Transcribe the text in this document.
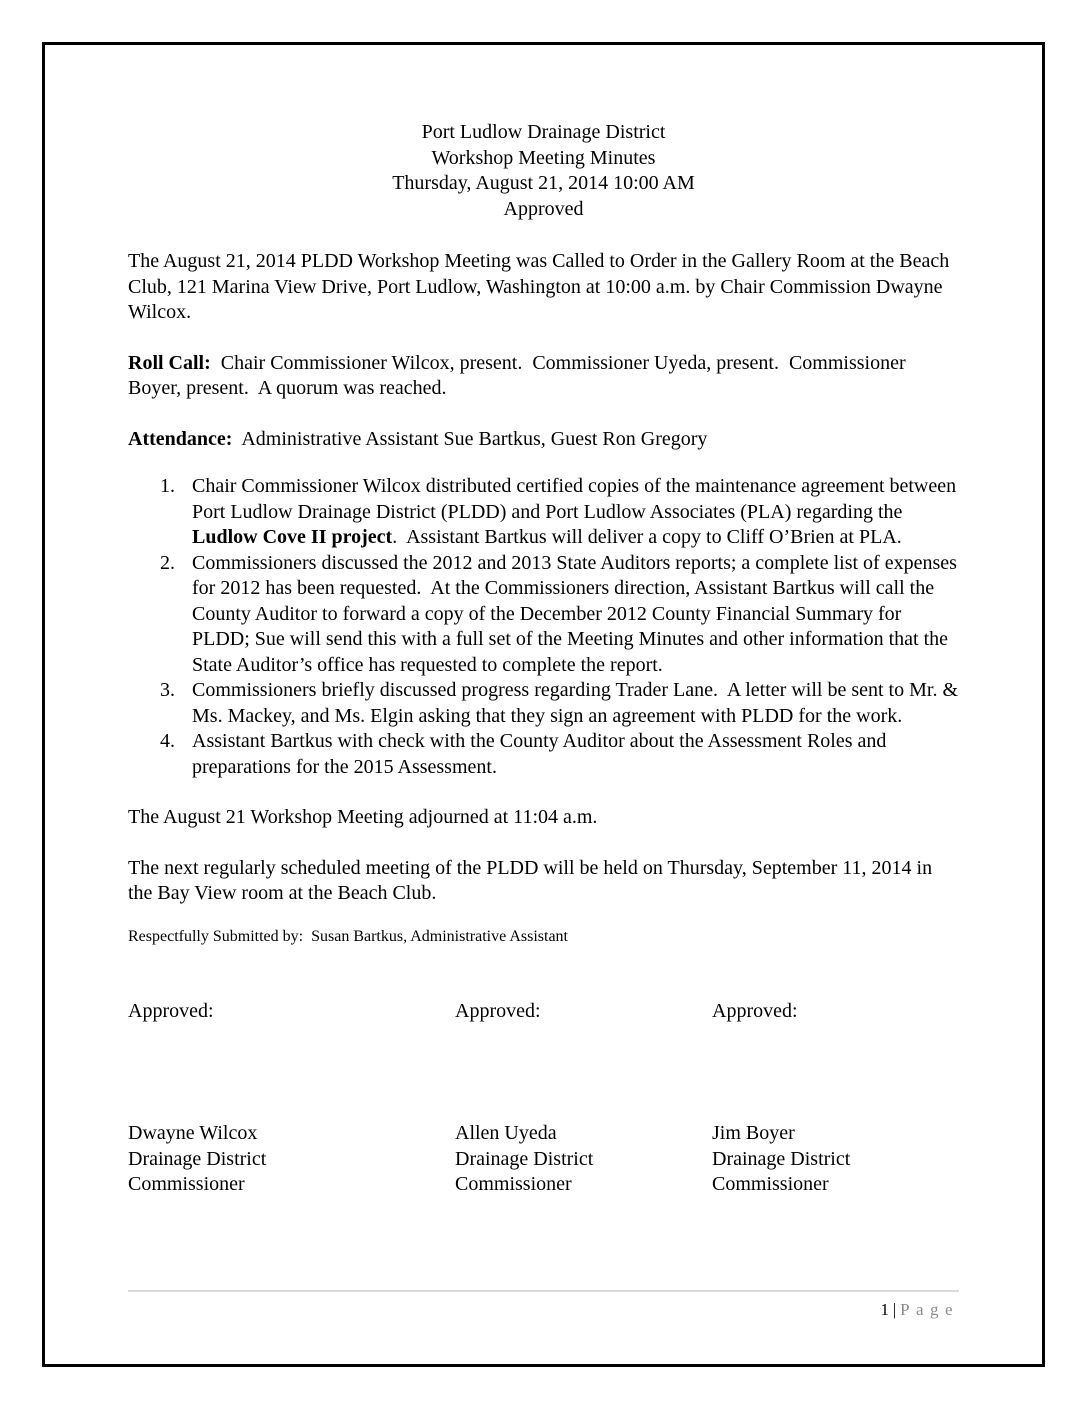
Port Ludlow Drainage District
Workshop Meeting Minutes
Thursday, August 21, 2014 10:00 AM
Approved

The August 21, 2014 PLDD Workshop Meeting was Called to Order in the Gallery Room at the Beach Club, 121 Marina View Drive, Port Ludlow, Washington at 10:00 a.m. by Chair Commission Dwayne Wilcox.

Roll Call:  Chair Commissioner Wilcox, present.  Commissioner Uyeda, present.  Commissioner Boyer, present.  A quorum was reached.

Attendance:  Administrative Assistant Sue Bartkus, Guest Ron Gregory

1. Chair Commissioner Wilcox distributed certified copies of the maintenance agreement between Port Ludlow Drainage District (PLDD) and Port Ludlow Associates (PLA) regarding the Ludlow Cove II project.  Assistant Bartkus will deliver a copy to Cliff O’Brien at PLA.
2. Commissioners discussed the 2012 and 2013 State Auditors reports; a complete list of expenses for 2012 has been requested.  At the Commissioners direction, Assistant Bartkus will call the County Auditor to forward a copy of the December 2012 County Financial Summary for PLDD; Sue will send this with a full set of the Meeting Minutes and other information that the State Auditor’s office has requested to complete the report.
3. Commissioners briefly discussed progress regarding Trader Lane.  A letter will be sent to Mr. & Ms. Mackey, and Ms. Elgin asking that they sign an agreement with PLDD for the work.
4. Assistant Bartkus with check with the County Auditor about the Assessment Roles and preparations for the 2015 Assessment.

The August 21 Workshop Meeting adjourned at 11:04 a.m.

The next regularly scheduled meeting of the PLDD will be held on Thursday, September 11, 2014 in the Bay View room at the Beach Club.

Respectfully Submitted by:  Susan Bartkus, Administrative Assistant

Approved:
Dwayne Wilcox
Drainage District
Commissioner
Approved:
Allen Uyeda
Drainage District
Commissioner
Approved:
Jim Boyer
Drainage District
Commissioner
1 | Page
